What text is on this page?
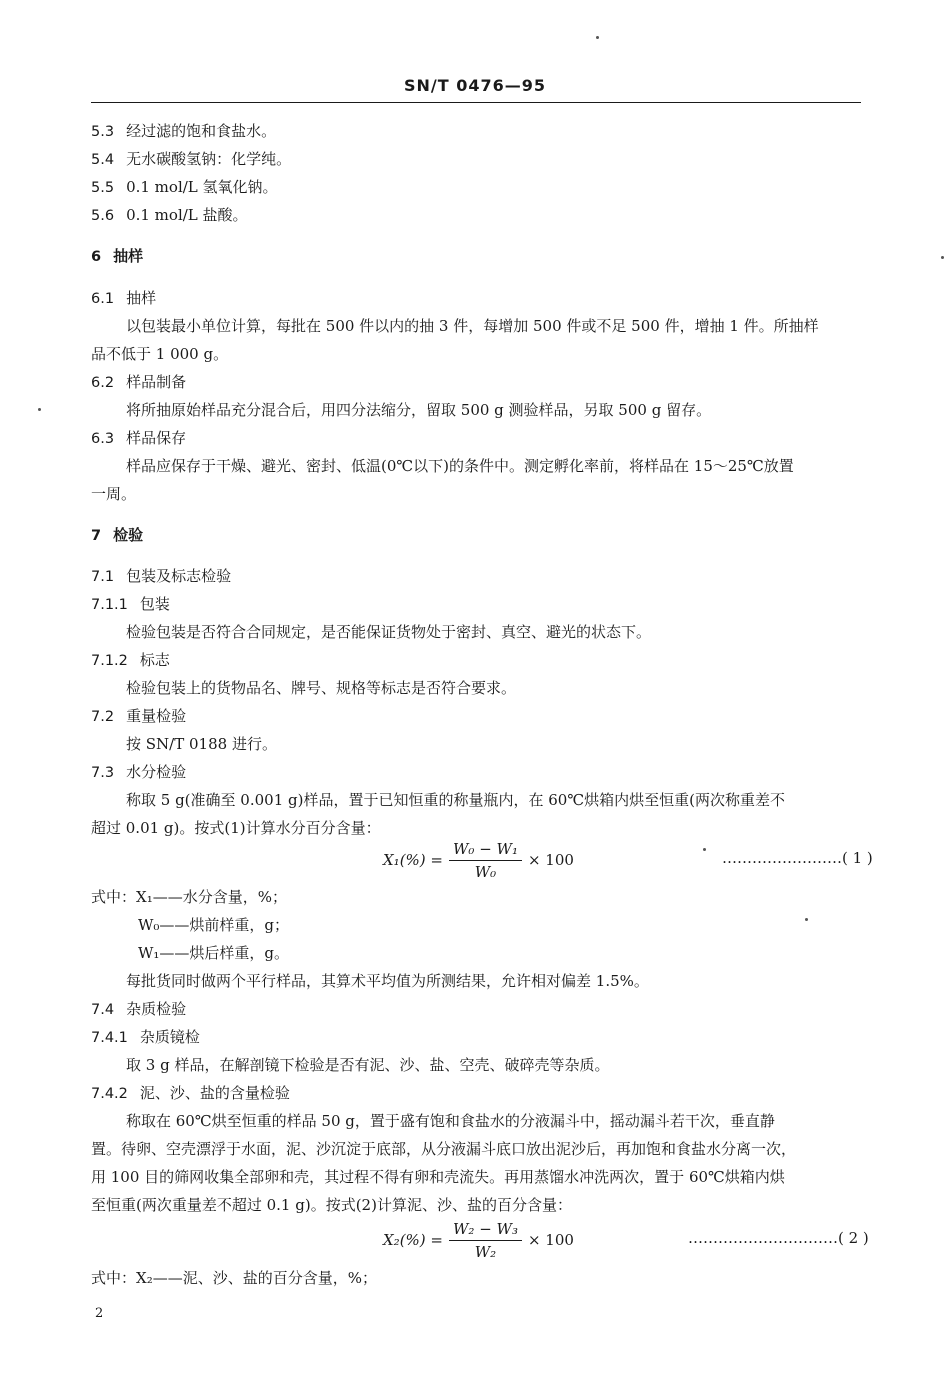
SN/T 0476—95
5.3 经过滤的饱和食盐水。
5.4 无水碳酸氢钠：化学纯。
5.5 0.1 mol/L 氢氧化钠。
5.6 0.1 mol/L 盐酸。
6 抽样
6.1 抽样
以包装最小单位计算，每批在 500 件以内的抽 3 件，每增加 500 件或不足 500 件，增抽 1 件。所抽样
品不低于 1 000 g。
6.2 样品制备
将所抽原始样品充分混合后，用四分法缩分，留取 500 g 测验样品，另取 500 g 留存。
6.3 样品保存
样品应保存于干燥、避光、密封、低温(0℃以下)的条件中。测定孵化率前，将样品在 15～25℃放置
一周。
7 检验
7.1 包装及标志检验
7.1.1 包装
检验包装是否符合合同规定，是否能保证货物处于密封、真空、避光的状态下。
7.1.2 标志
检验包装上的货物品名、牌号、规格等标志是否符合要求。
7.2 重量检验
按 SN/T 0188 进行。
7.3 水分检验
称取 5 g(准确至 0.001 g)样品，置于已知恒重的称量瓶内，在 60℃烘箱内烘至恒重(两次称重差不
超过 0.01 g)。按式(1)计算水分百分含量：
$X_1(\%) = \frac{\text{W₀ − W₁}}{\text{W₀}} \times 100$	……………………( 1 )
式中：X₁——水分含量，%；
W₀——烘前样重，g；
W₁——烘后样重，g。
每批货同时做两个平行样品，其算术平均值为所测结果，允许相对偏差 1.5%。
7.4 杂质检验
7.4.1 杂质镜检
取 3 g 样品，在解剖镜下检验是否有泥、沙、盐、空壳、破碎壳等杂质。
7.4.2 泥、沙、盐的含量检验
称取在 60℃烘至恒重的样品 50 g，置于盛有饱和食盐水的分液漏斗中，摇动漏斗若干次，垂直静
置。待卵、空壳漂浮于水面，泥、沙沉淀于底部，从分液漏斗底口放出泥沙后，再加饱和食盐水分离一次，
用 100 目的筛网收集全部卵和壳，其过程不得有卵和壳流失。再用蒸馏水冲洗两次，置于 60℃烘箱内烘
至恒重(两次重量差不超过 0.1 g)。按式(2)计算泥、沙、盐的百分含量：
$X_2(\%) = \frac{\text{W₂ − W₃}}{\text{W₂}} \times 100$	…………………………( 2 )
式中：X₂——泥、沙、盐的百分含量，%；
2
